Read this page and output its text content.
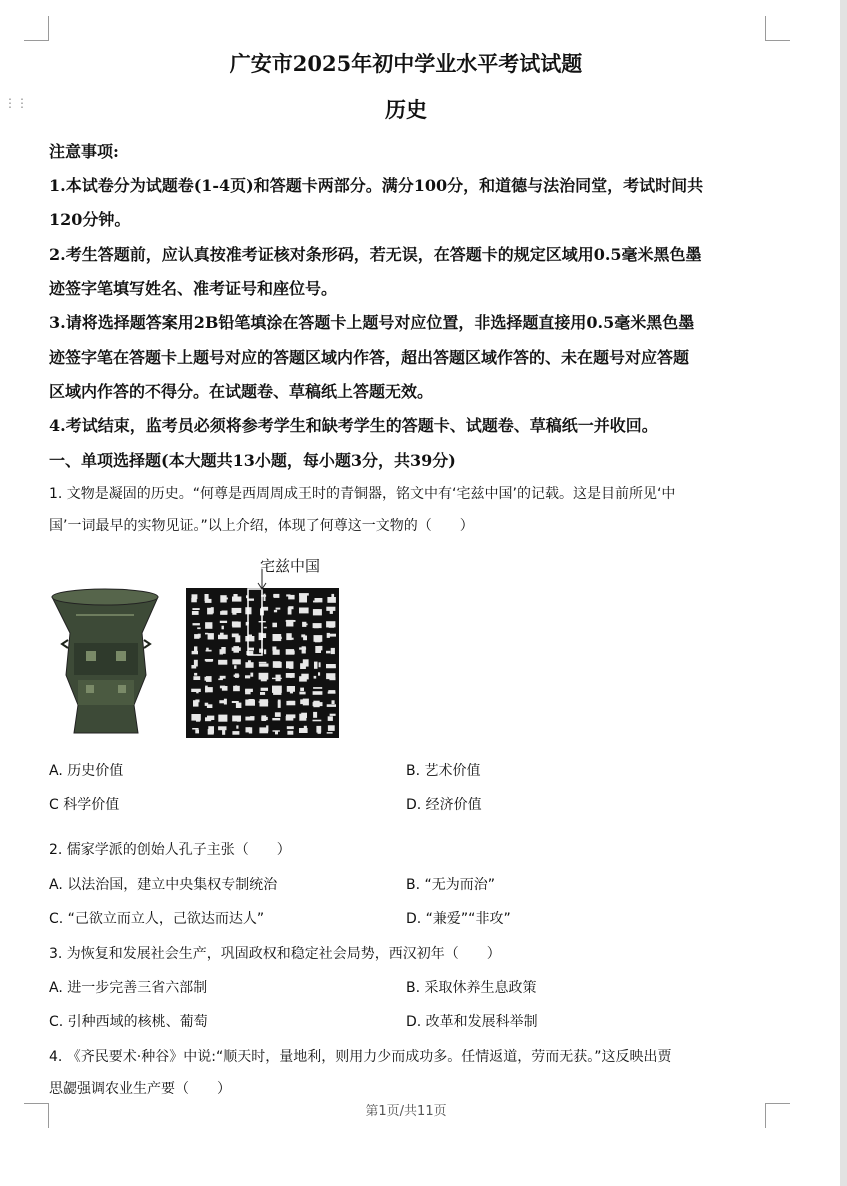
⋮⋮
广安市2025年初中学业水平考试试题
历史
注意事项:
1.本试卷分为试题卷(1-4页)和答题卡两部分。满分100分，和道德与法治同堂，考试时间共
120分钟。
2.考生答题前，应认真按准考证核对条形码，若无误，在答题卡的规定区域用0.5毫米黑色墨
迹签字笔填写姓名、准考证号和座位号。
3.请将选择题答案用2B铅笔填涂在答题卡上题号对应位置，非选择题直接用0.5毫米黑色墨
迹签字笔在答题卡上题号对应的答题区域内作答，超出答题区域作答的、未在题号对应答题
区域内作答的不得分。在试题卷、草稿纸上答题无效。
4.考试结束，监考员必须将参考学生和缺考学生的答题卡、试题卷、草稿纸一并收回。
一、单项选择题(本大题共13小题，每小题3分，共39分)
1. 文物是凝固的历史。“何尊是西周周成王时的青铜器，铭文中有‘宅兹中国’的记载。这是目前所见‘中
国’一词最早的实物见证。”以上介绍，体现了何尊这一文物的（　　）
宅兹中国
A. 历史价值	B. 艺术价值
C 科学价值	D. 经济价值
2. 儒家学派的创始人孔子主张（　　）
A. 以法治国，建立中央集权专制统治	B. “无为而治”
C. “己欲立而立人，己欲达而达人”	D. “兼爱”“非攻”
3. 为恢复和发展社会生产，巩固政权和稳定社会局势，西汉初年（　　）
A. 进一步完善三省六部制	B. 采取休养生息政策
C. 引种西域的核桃、葡萄	D. 改革和发展科举制
4. 《齐民要术·种谷》中说:“顺天时，量地利，则用力少而成功多。任情返道，劳而无获。”这反映出贾
思勰强调农业生产要（　　）
第1页/共11页
